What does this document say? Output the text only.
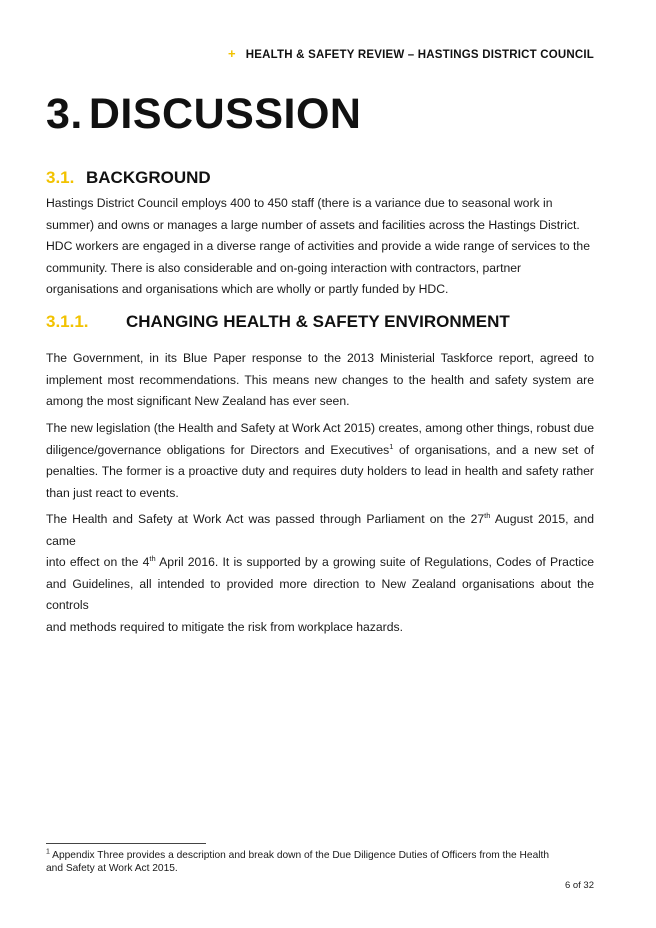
+ HEALTH & SAFETY REVIEW – HASTINGS DISTRICT COUNCIL
3. DISCUSSION
3.1. BACKGROUND
Hastings District Council employs 400 to 450 staff (there is a variance due to seasonal work in
summer) and owns or manages a large number of assets and facilities across the Hastings District.
HDC workers are engaged in a diverse range of activities and provide a wide range of services to the
community. There is also considerable and on-going interaction with contractors, partner
organisations and organisations which are wholly or partly funded by HDC.
3.1.1. CHANGING HEALTH & SAFETY ENVIRONMENT
The Government, in its Blue Paper response to the 2013 Ministerial Taskforce report, agreed to
implement most recommendations. This means new changes to the health and safety system are
among the most significant New Zealand has ever seen.
The new legislation (the Health and Safety at Work Act 2015) creates, among other things, robust due
diligence/governance obligations for Directors and Executives$^1$ of organisations, and a new set of
penalties. The former is a proactive duty and requires duty holders to lead in health and safety rather
than just react to events.
The Health and Safety at Work Act was passed through Parliament on the 27th August 2015, and came
into effect on the 4th April 2016. It is supported by a growing suite of Regulations, Codes of Practice
and Guidelines, all intended to provided more direction to New Zealand organisations about the controls
and methods required to mitigate the risk from workplace hazards.
$^1$ Appendix Three provides a description and break down of the Due Diligence Duties of Officers from the Health
and Safety at Work Act 2015.
6 of 32
